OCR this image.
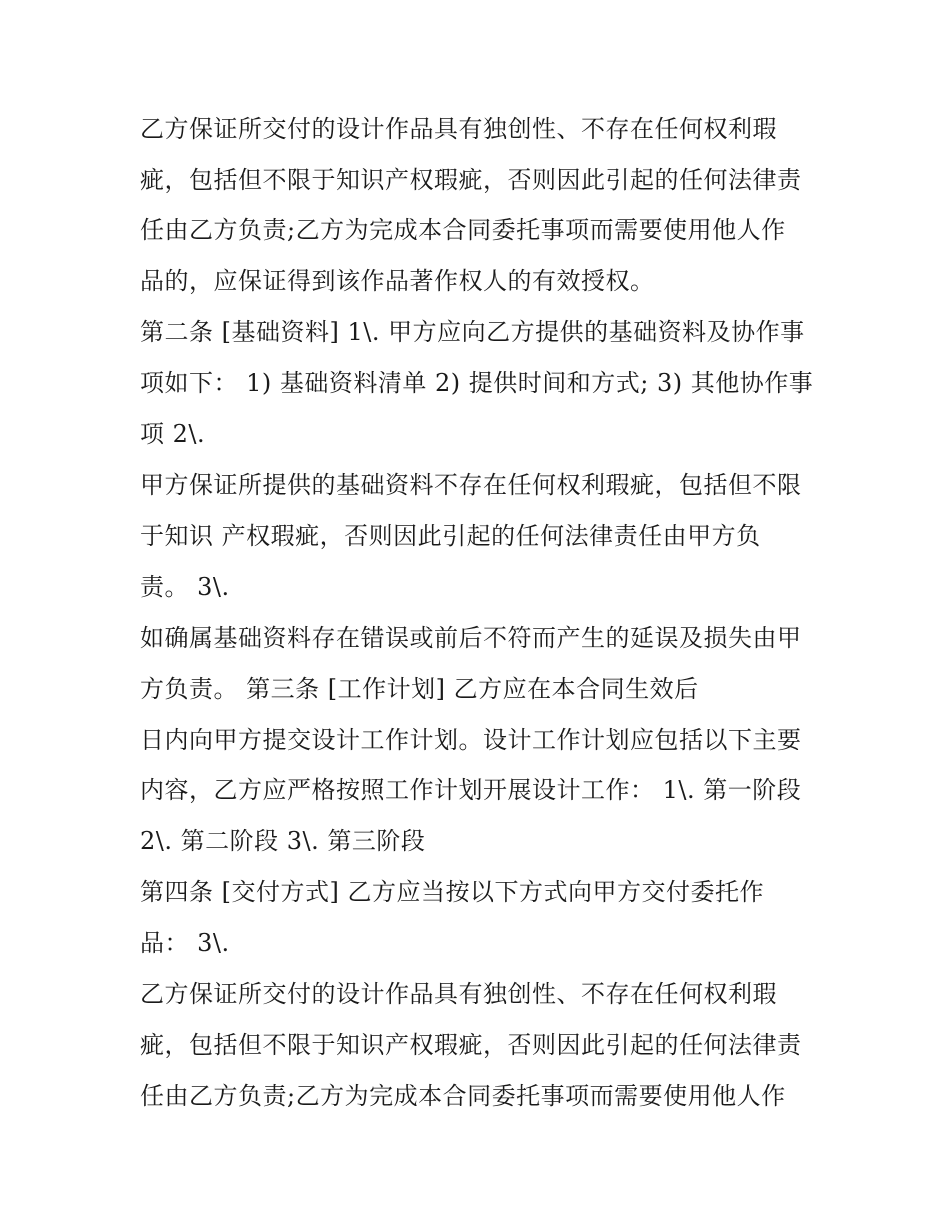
乙方保证所交付的设计作品具有独创性、不存在任何权利瑕
疵，包括但不限于知识产权瑕疵，否则因此引起的任何法律责
任由乙方负责;乙方为完成本合同委托事项而需要使用他人作
品的，应保证得到该作品著作权人的有效授权。
第二条 [基础资料] 1\. 甲方应向乙方提供的基础资料及协作事
项如下： 1) 基础资料清单 2) 提供时间和方式; 3) 其他协作事
项 2\.
甲方保证所提供的基础资料不存在任何权利瑕疵，包括但不限
于知识 产权瑕疵，否则因此引起的任何法律责任由甲方负
责。 3\.
如确属基础资料存在错误或前后不符而产生的延误及损失由甲
方负责。 第三条 [工作计划] 乙方应在本合同生效后
日内向甲方提交设计工作计划。设计工作计划应包括以下主要
内容，乙方应严格按照工作计划开展设计工作： 1\. 第一阶段
2\. 第二阶段 3\. 第三阶段
第四条 [交付方式] 乙方应当按以下方式向甲方交付委托作
品： 3\.
乙方保证所交付的设计作品具有独创性、不存在任何权利瑕
疵，包括但不限于知识产权瑕疵，否则因此引起的任何法律责
任由乙方负责;乙方为完成本合同委托事项而需要使用他人作
